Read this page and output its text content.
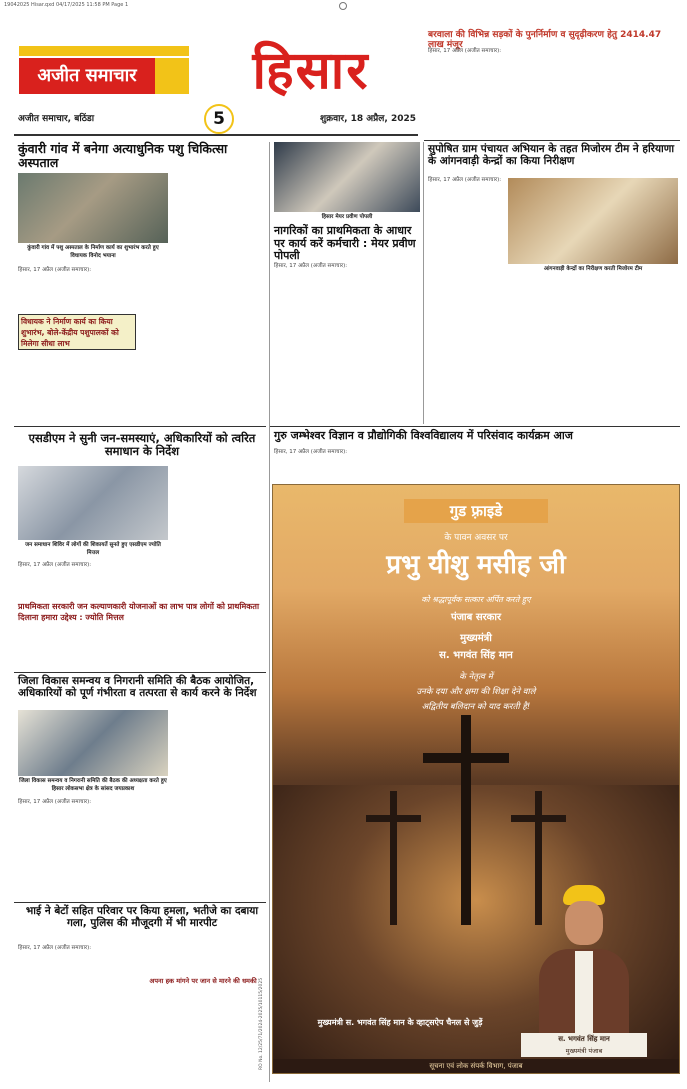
19042025 Hisar.qxd 04/17/2025 11:58 PM Page 1
अजीत समाचार	हिसार
अजीत समाचार, बठिंडा	5	शुक्रवार, 18 अप्रैल, 2025
बरवाला की विभिन्न सड़कों के पुनर्निर्माण व सुदृढ़ीकरण हेतु 2414.47 लाख मंजूर
हिसार, 17 अप्रैल (अजीत समाचार):
कुंवारी गांव में बनेगा अत्याधुनिक पशु चिकित्सा अस्पताल
कुंवारी गांव में पशु अस्पताल के निर्माण कार्य का शुभारंभ करते हुए विधायक विनोद भयाना
हिसार, 17 अप्रैल (अजीत समाचार):
विधायक ने निर्माण कार्य का किया शुभारंभ, बोले-केंद्रीय पशुपालकों को मिलेगा सीधा लाभ
हिसार मेयर प्रवीण पोपली
नागरिकों का प्राथमिकता के आधार पर कार्य करें कर्मचारी : मेयर प्रवीण पोपली
हिसार, 17 अप्रैल (अजीत समाचार):
सुपोषित ग्राम पंचायत अभियान के तहत मिजोरम टीम ने हरियाणा के आंगनवाड़ी केन्द्रों का किया निरीक्षण
हिसार, 17 अप्रैल (अजीत समाचार):
आंगनवाड़ी केन्द्रों का निरीक्षण करती मिजोरम टीम
गुरु जम्भेश्वर विज्ञान व प्रौद्योगिकी विश्वविद्यालय में परिसंवाद कार्यक्रम आज
हिसार, 17 अप्रैल (अजीत समाचार):
एसडीएम ने सुनी जन-समस्याएं, अधिकारियों को त्वरित समाधान के निर्देश
जन समाधान शिविर में लोगों की शिकायतें सुनते हुए एसडीएम ज्योति मित्तल
हिसार, 17 अप्रैल (अजीत समाचार):
प्राथमिकता सरकारी जन कल्याणकारी योजनाओं का लाभ पात्र लोगों को प्राथमिकता दिलाना हमारा उद्देश्य : ज्योति मित्तल
जिला विकास समन्वय व निगरानी समिति की बैठक आयोजित, अधिकारियों को पूर्ण गंभीरता व तत्परता से कार्य करने के निर्देश
जिला विकास समन्वय व निगरानी समिति की बैठक की अध्यक्षता करते हुए हिसार लोकसभा क्षेत्र के सांसद जयप्रकाश
हिसार, 17 अप्रैल (अजीत समाचार):
भाई ने बेटों सहित परिवार पर किया हमला, भतीजे का दबाया गला, पुलिस की मौजूदगी में भी मारपीट
हिसार, 17 अप्रैल (अजीत समाचार):
अपना हक मांगने पर जान से मारने की धमकी
गुड फ़्राइडे
के पावन अवसर पर
प्रभु यीशु मसीह जी
को श्रद्धापूर्वक सत्कार अर्पित करते हुए
पंजाब सरकार
मुख्यमंत्री
स. भगवंत सिंह मान
के नेतृत्व में
उनके दया और क्षमा की शिक्षा देने वाले
अद्वितीय बलिदान को याद करती है!
मुख्यमंत्री स. भगवंत सिंह मान के व्हाट्सऐप चैनल से जुड़ें
स. भगवंत सिंह मान
मुख्यमंत्री पंजाब
सूचना एवं लोक संपर्क विभाग, पंजाब
RO No. 12/25/71/2024-2025/10115/2025
